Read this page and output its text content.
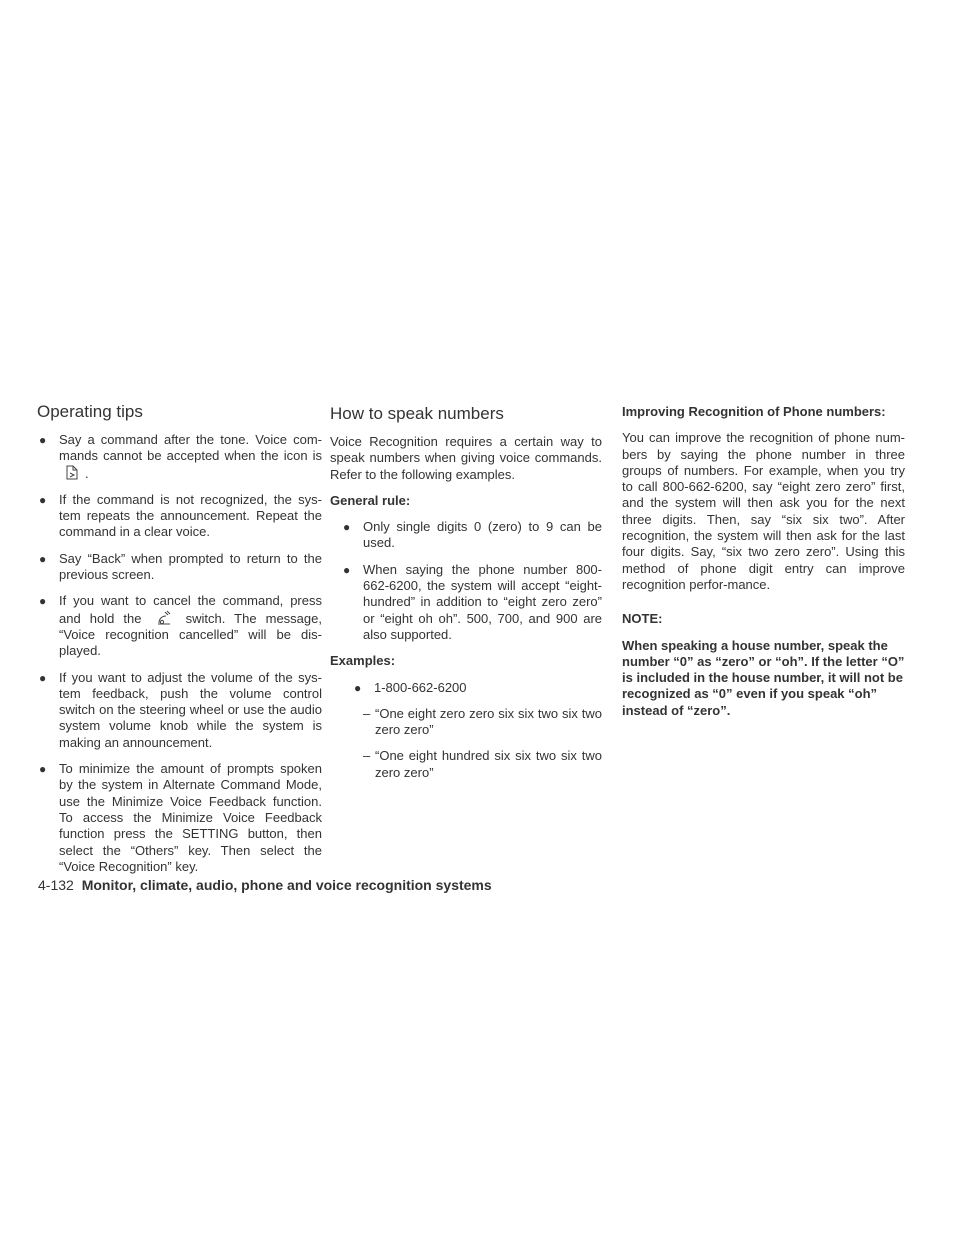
Operating tips
● Say a command after the tone. Voice com-mands cannot be accepted when the icon is
.
● If the command is not recognized, the sys-tem repeats the announcement. Repeat the command in a clear voice.
● Say “Back” when prompted to return to the previous screen.
● If you want to cancel the command, press and hold the	switch. The message, “Voice recognition cancelled” will be dis-played.
● If you want to adjust the volume of the sys-tem feedback, push the volume control switch on the steering wheel or use the audio system volume knob while the system is making an announcement.
● To minimize the amount of prompts spoken by the system in Alternate Command Mode, use the Minimize Voice Feedback function. To access the Minimize Voice Feedback function press the SETTING button, then select the “Others” key. Then select the “Voice Recognition” key.
How to speak numbers

Voice Recognition requires a certain way to speak numbers when giving voice commands. Refer to the following examples.

General rule:

● Only single digits 0 (zero) to 9 can be used.
● When saying the phone number 800-662-6200, the system will accept “eight-hundred” in addition to “eight zero zero” or “eight oh oh”. 500, 700, and 900 are also supported.

Examples:

● 1-800-662-6200
– “One eight zero zero six six two six two zero zero”
– “One eight hundred six six two six two zero zero”

Improving Recognition of Phone numbers:

You can improve the recognition of phone num-bers by saying the phone number in three groups of numbers. For example, when you try to call 800-662-6200, say “eight zero zero” first, and the system will then ask you for the next three digits. Then, say “six six two”. After recognition, the system will then ask for the last four digits. Say, “six two zero zero”. Using this method of phone digit entry can improve recognition perfor-mance.

NOTE:

When speaking a house number, speak the number “0” as “zero” or “oh”. If the letter “O” is included in the house number, it will not be recognized as “0” even if you speak “oh” instead of “zero”.

4-132 Monitor, climate, audio, phone and voice recognition systems
